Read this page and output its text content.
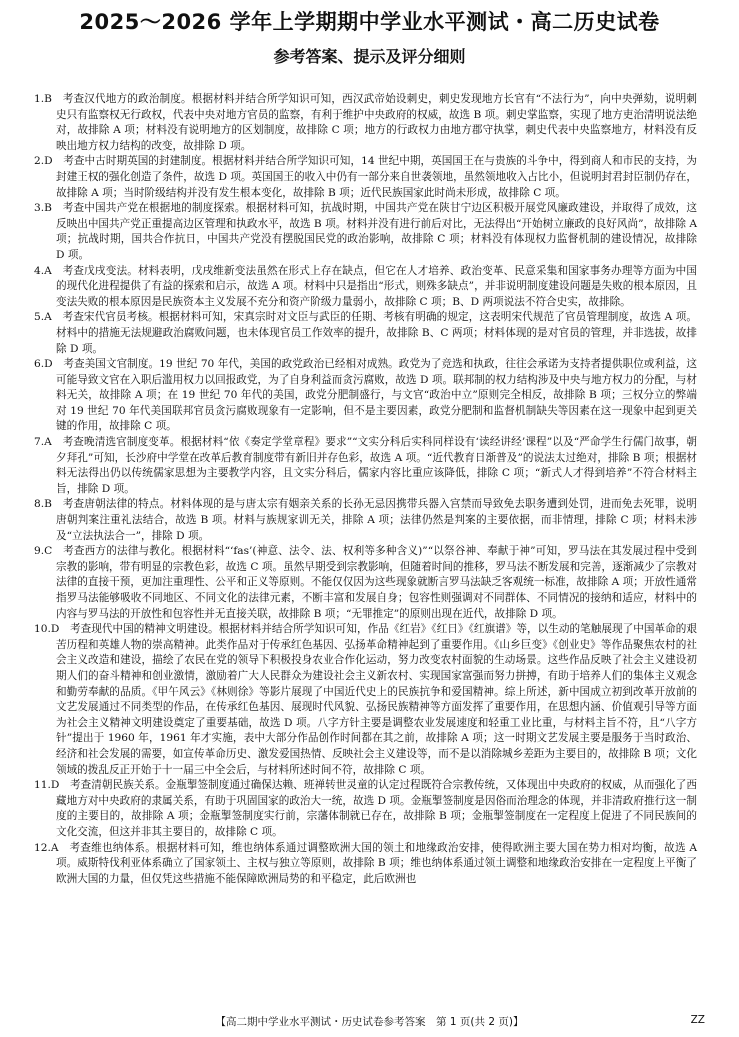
2025～2026 学年上学期期中学业水平测试・高二历史试卷
参考答案、提示及评分细则

1.B　考查汉代地方的政治制度。根据材料并结合所学知识可知，西汉武帝始设刺史，刺史发现地方长官有“不法行为”，向中央弹劾，说明刺史只有监察权无行政权，代表中央对地方官员的监察，有利于维护中央政府的权威，故选 B 项。刺史掌监察，实现了地方吏治清明说法绝对，故排除 A 项；材料没有说明地方的区划制度，故排除 C 项；地方的行政权力由地方郡守执掌，刺史代表中央监察地方，材料没有反映出地方权力结构的改变，故排除 D 项。

2.D　考查中古时期英国的封建制度。根据材料并结合所学知识可知，14 世纪中期，英国国王在与贵族的斗争中，得到商人和市民的支持，为封建王权的强化创造了条件，故选 D 项。英国国王的收入中仍有一部分来自世袭领地，虽然领地收入占比小，但说明封君封臣制仍存在，故排除 A 项；当时阶级结构并没有发生根本变化，故排除 B 项；近代民族国家此时尚未形成，故排除 C 项。

3.B　考查中国共产党在根据地的制度探索。根据材料可知，抗战时期，中国共产党在陕甘宁边区积极开展党风廉政建设，并取得了成效，这反映出中国共产党正重提高边区管理和执政水平，故选 B 项。材料并没有进行前后对比，无法得出“开始树立廉政的良好风尚”，故排除 A 项；抗战时期，国共合作抗日，中国共产党没有摆脱国民党的政治影响，故排除 C 项；材料没有体现权力监督机制的建设情况，故排除 D 项。

4.A　考查戊戌变法。材料表明，戊戌维新变法虽然在形式上存在缺点，但它在人才培养、政治变革、民意采集和国家事务办理等方面为中国的现代化进程提供了有益的探索和启示，故选 A 项。材料中只是指出“形式，则殊多缺点”，并非说明制度建设问题是失败的根本原因，且变法失败的根本原因是民族资本主义发展不充分和资产阶级力量弱小，故排除 C 项；B、D 两项说法不符合史实，故排除。

5.A　考查宋代官员考核。根据材料可知，宋真宗时对文臣与武臣的任期、考核有明确的规定，这表明宋代规范了官员管理制度，故选 A 项。材料中的措施无法规避政治腐败问题，也未体现官员工作效率的提升，故排除 B、C 两项；材料体现的是对官员的管理，并非选拔，故排除 D 项。

6.D　考查美国文官制度。19 世纪 70 年代，美国的政党政治已经相对成熟。政党为了竞选和执政，往往会承诺为支持者提供职位或利益，这可能导致文官在入职后滥用权力以回报政党，为了自身利益而贪污腐败，故选 D 项。联邦制的权力结构涉及中央与地方权力的分配，与材料无关，故排除 A 项；在 19 世纪 70 年代的美国，政党分肥制盛行，与文官“政治中立”原则完全相反，故排除 B 项；三权分立的弊端对 19 世纪 70 年代美国联邦官员贪污腐败现象有一定影响，但不是主要因素，政党分肥制和监督机制缺失等因素在这一现象中起到更关键的作用，故排除 C 项。

7.A　考查晚清选官制度变革。根据材料“依《奏定学堂章程》要求”“文实分科后实科同样设有‘读经讲经’课程”以及“严命学生行儒门故事，朝夕拜孔”可知，长沙府中学堂在改革后教育制度带有新旧并存色彩，故选 A 项。“近代教育日渐普及”的说法太过绝对，排除 B 项；根据材料无法得出仍以传统儒家思想为主要教学内容，且文实分科后，儒家内容比重应该降低，排除 C 项；“新式人才得到培养”不符合材料主旨，排除 D 项。

8.B　考查唐朝法律的特点。材料体现的是与唐太宗有姻亲关系的长孙无忌因携带兵器入宫禁而导致免去职务遭到处罚，进而免去死罪，说明唐朝判案注重礼法结合，故选 B 项。材料与族规家训无关，排除 A 项；法律仍然是判案的主要依据，而非情理，排除 C 项；材料未涉及“立法执法合一”，排除 D 项。

9.C　考查西方的法律与教化。根据材料“‘fas’(神意、法令、法、权利等多种含义)”“以祭谷神、奉献于神”可知，罗马法在其发展过程中受到宗教的影响，带有明显的宗教色彩，故选 C 项。虽然早期受到宗教影响，但随着时间的推移，罗马法不断发展和完善，逐渐减少了宗教对法律的直接干预，更加注重理性、公平和正义等原则。不能仅仅因为这些现象就断言罗马法缺乏客观统一标准，故排除 A 项；开放性通常指罗马法能够吸收不同地区、不同文化的法律元素，不断丰富和发展自身；包容性则强调对不同群体、不同情况的接纳和适应，材料中的内容与罗马法的开放性和包容性并无直接关联，故排除 B 项；“无罪推定”的原则出现在近代，故排除 D 项。

10.D　考查现代中国的精神文明建设。根据材料并结合所学知识可知，作品《红岩》《红日》《红旗谱》等，以生动的笔触展现了中国革命的艰苦历程和英雄人物的崇高精神。此类作品对于传承红色基因、弘扬革命精神起到了重要作用。《山乡巨变》《创业史》等作品聚焦农村的社会主义改造和建设，描绘了农民在党的领导下积极投身农业合作化运动，努力改变农村面貌的生动场景。这些作品反映了社会主义建设初期人们的奋斗精神和创业激情，激励着广大人民群众为建设社会主义新农村、实现国家富强而努力拼搏，有助于培养人们的集体主义观念和勤劳奉献的品质。《甲午风云》《林则徐》等影片展现了中国近代史上的民族抗争和爱国精神。综上所述，新中国成立初到改革开放前的文艺发展通过不同类型的作品，在传承红色基因、展现时代风貌、弘扬民族精神等方面发挥了重要作用，在思想内涵、价值观引导等方面为社会主义精神文明建设奠定了重要基础，故选 D 项。八字方针主要是调整农业发展速度和轻重工业比重，与材料主旨不符，且“八字方针”提出于 1960 年，1961 年才实施，表中大部分作品创作时间都在其之前，故排除 A 项；这一时期文艺发展主要是服务于当时政治、经济和社会发展的需要，如宣传革命历史、激发爱国热情、反映社会主义建设等，而不是以消除城乡差距为主要目的，故排除 B 项；文化领域的拨乱反正开始于十一届三中全会后，与材料所述时间不符，故排除 C 项。

11.D　考查清朝民族关系。金瓶掣签制度通过确保达赖、班禅转世灵童的认定过程既符合宗教传统，又体现出中央政府的权威，从而强化了西藏地方对中央政府的隶属关系，有助于巩固国家的政治大一统，故选 D 项。金瓶掣签制度是因俗而治理念的体现，并非清政府推行这一制度的主要目的，故排除 A 项；金瓶掣签制度实行前，宗藩体制就已存在，故排除 B 项；金瓶掣签制度在一定程度上促进了不同民族间的文化交流，但这并非其主要目的，故排除 C 项。

12.A　考查维也纳体系。根据材料可知，维也纳体系通过调整欧洲大国的领土和地缘政治安排，使得欧洲主要大国在势力相对均衡，故选 A 项。威斯特伐利亚体系确立了国家领土、主权与独立等原则，故排除 B 项；维也纳体系通过领土调整和地缘政治安排在一定程度上平衡了欧洲大国的力量，但仅凭这些措施不能保障欧洲局势的和平稳定，此后欧洲也

【高二期中学业水平测试・历史试卷参考答案　第 1 页(共 2 页)】	ZZ
